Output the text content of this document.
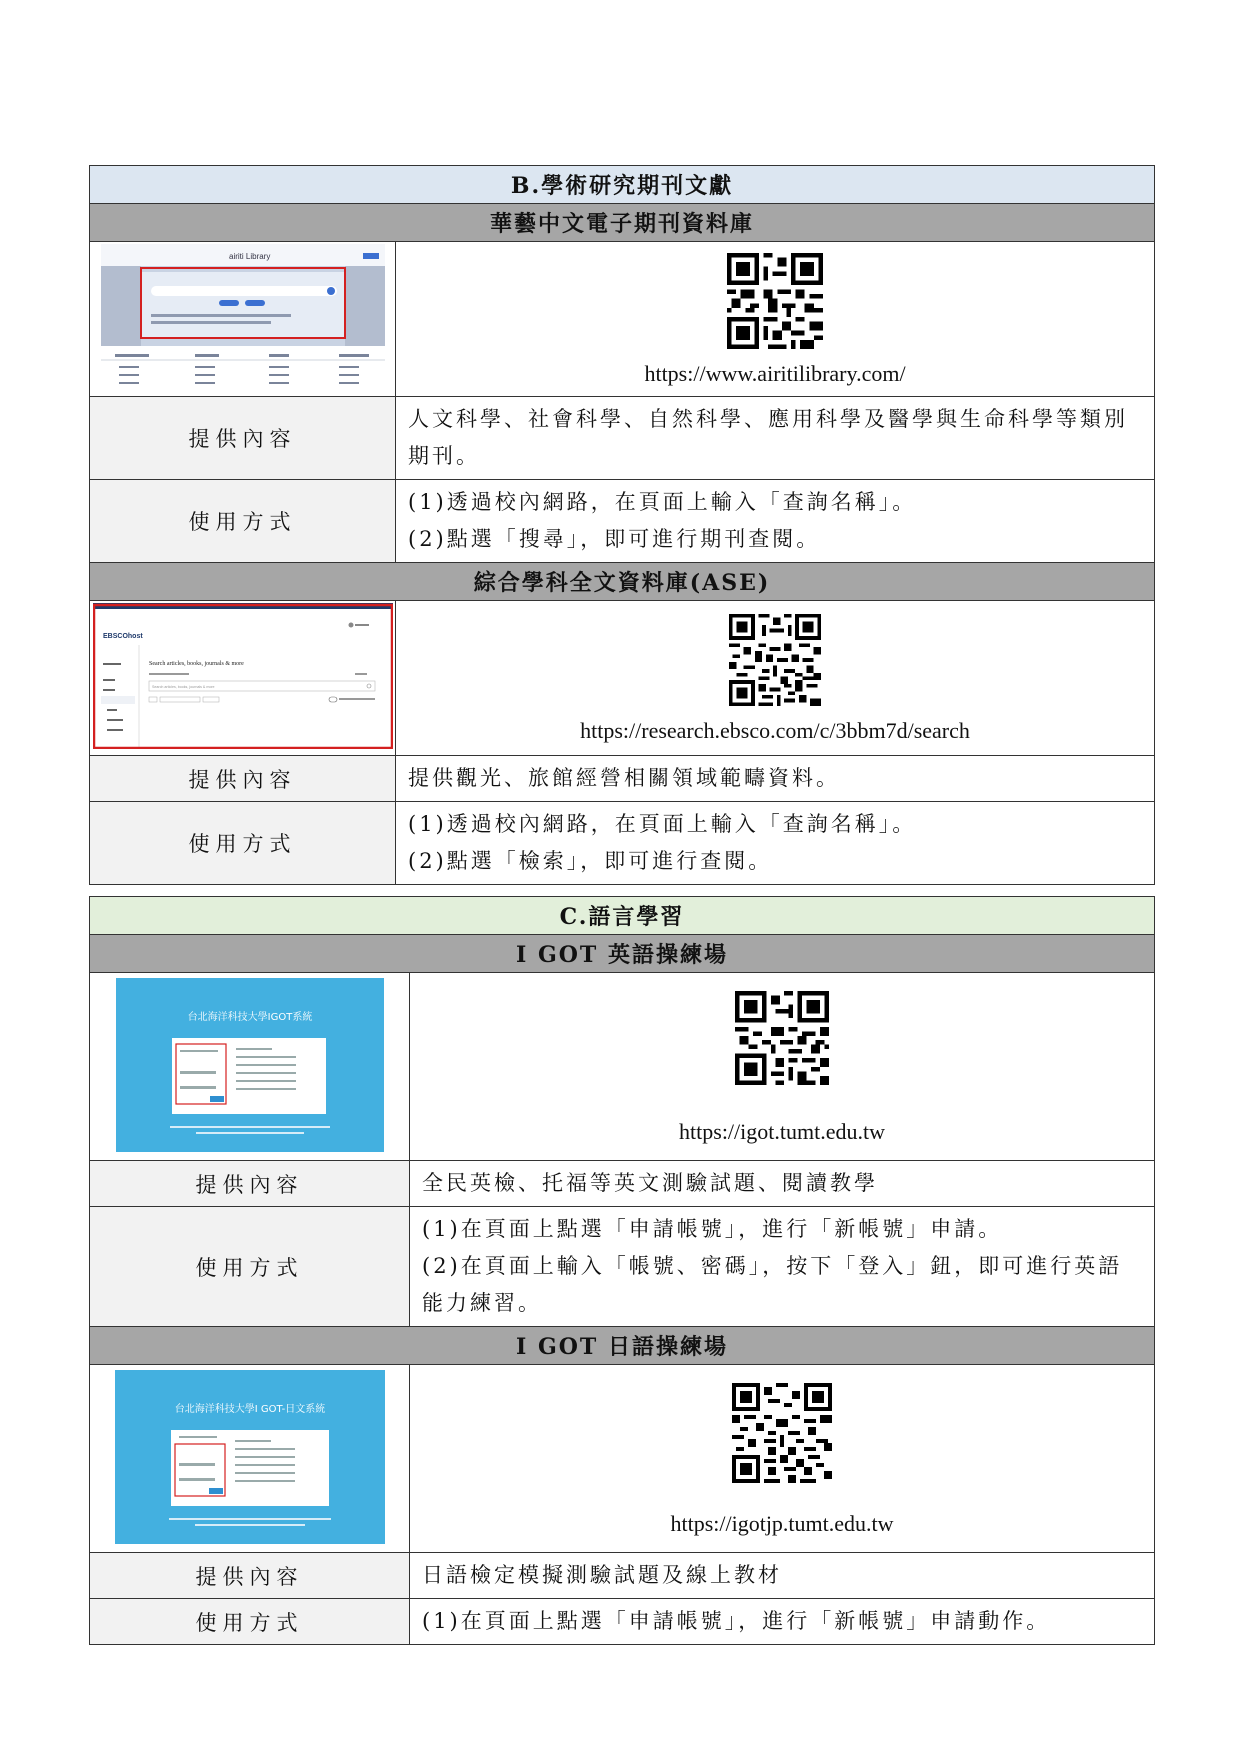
B.學術研究期刊文獻	
華藝中文電子期刊資料庫	

airiti Library	https://www.airitilibrary.com/

提供內容	人文科學、社會科學、自然科學、應用科學及醫學與生命科學等類別期刊。
使用方式	(1)透過校內網路，在頁面上輸入「查詢名稱」。
(2)點選「搜尋」，即可進行期刊查閱。

綜合學科全文資料庫(ASE)	

EBSCOhost
Search articles, books, journals & more
Search articles, books, journals & more	https://research.ebsco.com/c/3bbm7d/search

提供內容	提供觀光、旅館經營相關領域範疇資料。
使用方式	(1)透過校內網路，在頁面上輸入「查詢名稱」。
(2)點選「檢索」，即可進行查閱。
C.語言學習	
I GOT 英語操練場	

台北海洋科技大學IGOT系統	https://igot.tumt.edu.tw

提供內容	全民英檢、托福等英文測驗試題、閱讀教學
使用方式	(1)在頁面上點選「申請帳號」，進行「新帳號」申請。
(2)在頁面上輸入「帳號、密碼」，按下「登入」鈕，即可進行英語能力練習。

I GOT 日語操練場	

台北海洋科技大學I GOT-日文系統	https://igotjp.tumt.edu.tw

提供內容	日語檢定模擬測驗試題及線上教材
使用方式	(1)在頁面上點選「申請帳號」，進行「新帳號」申請動作。
